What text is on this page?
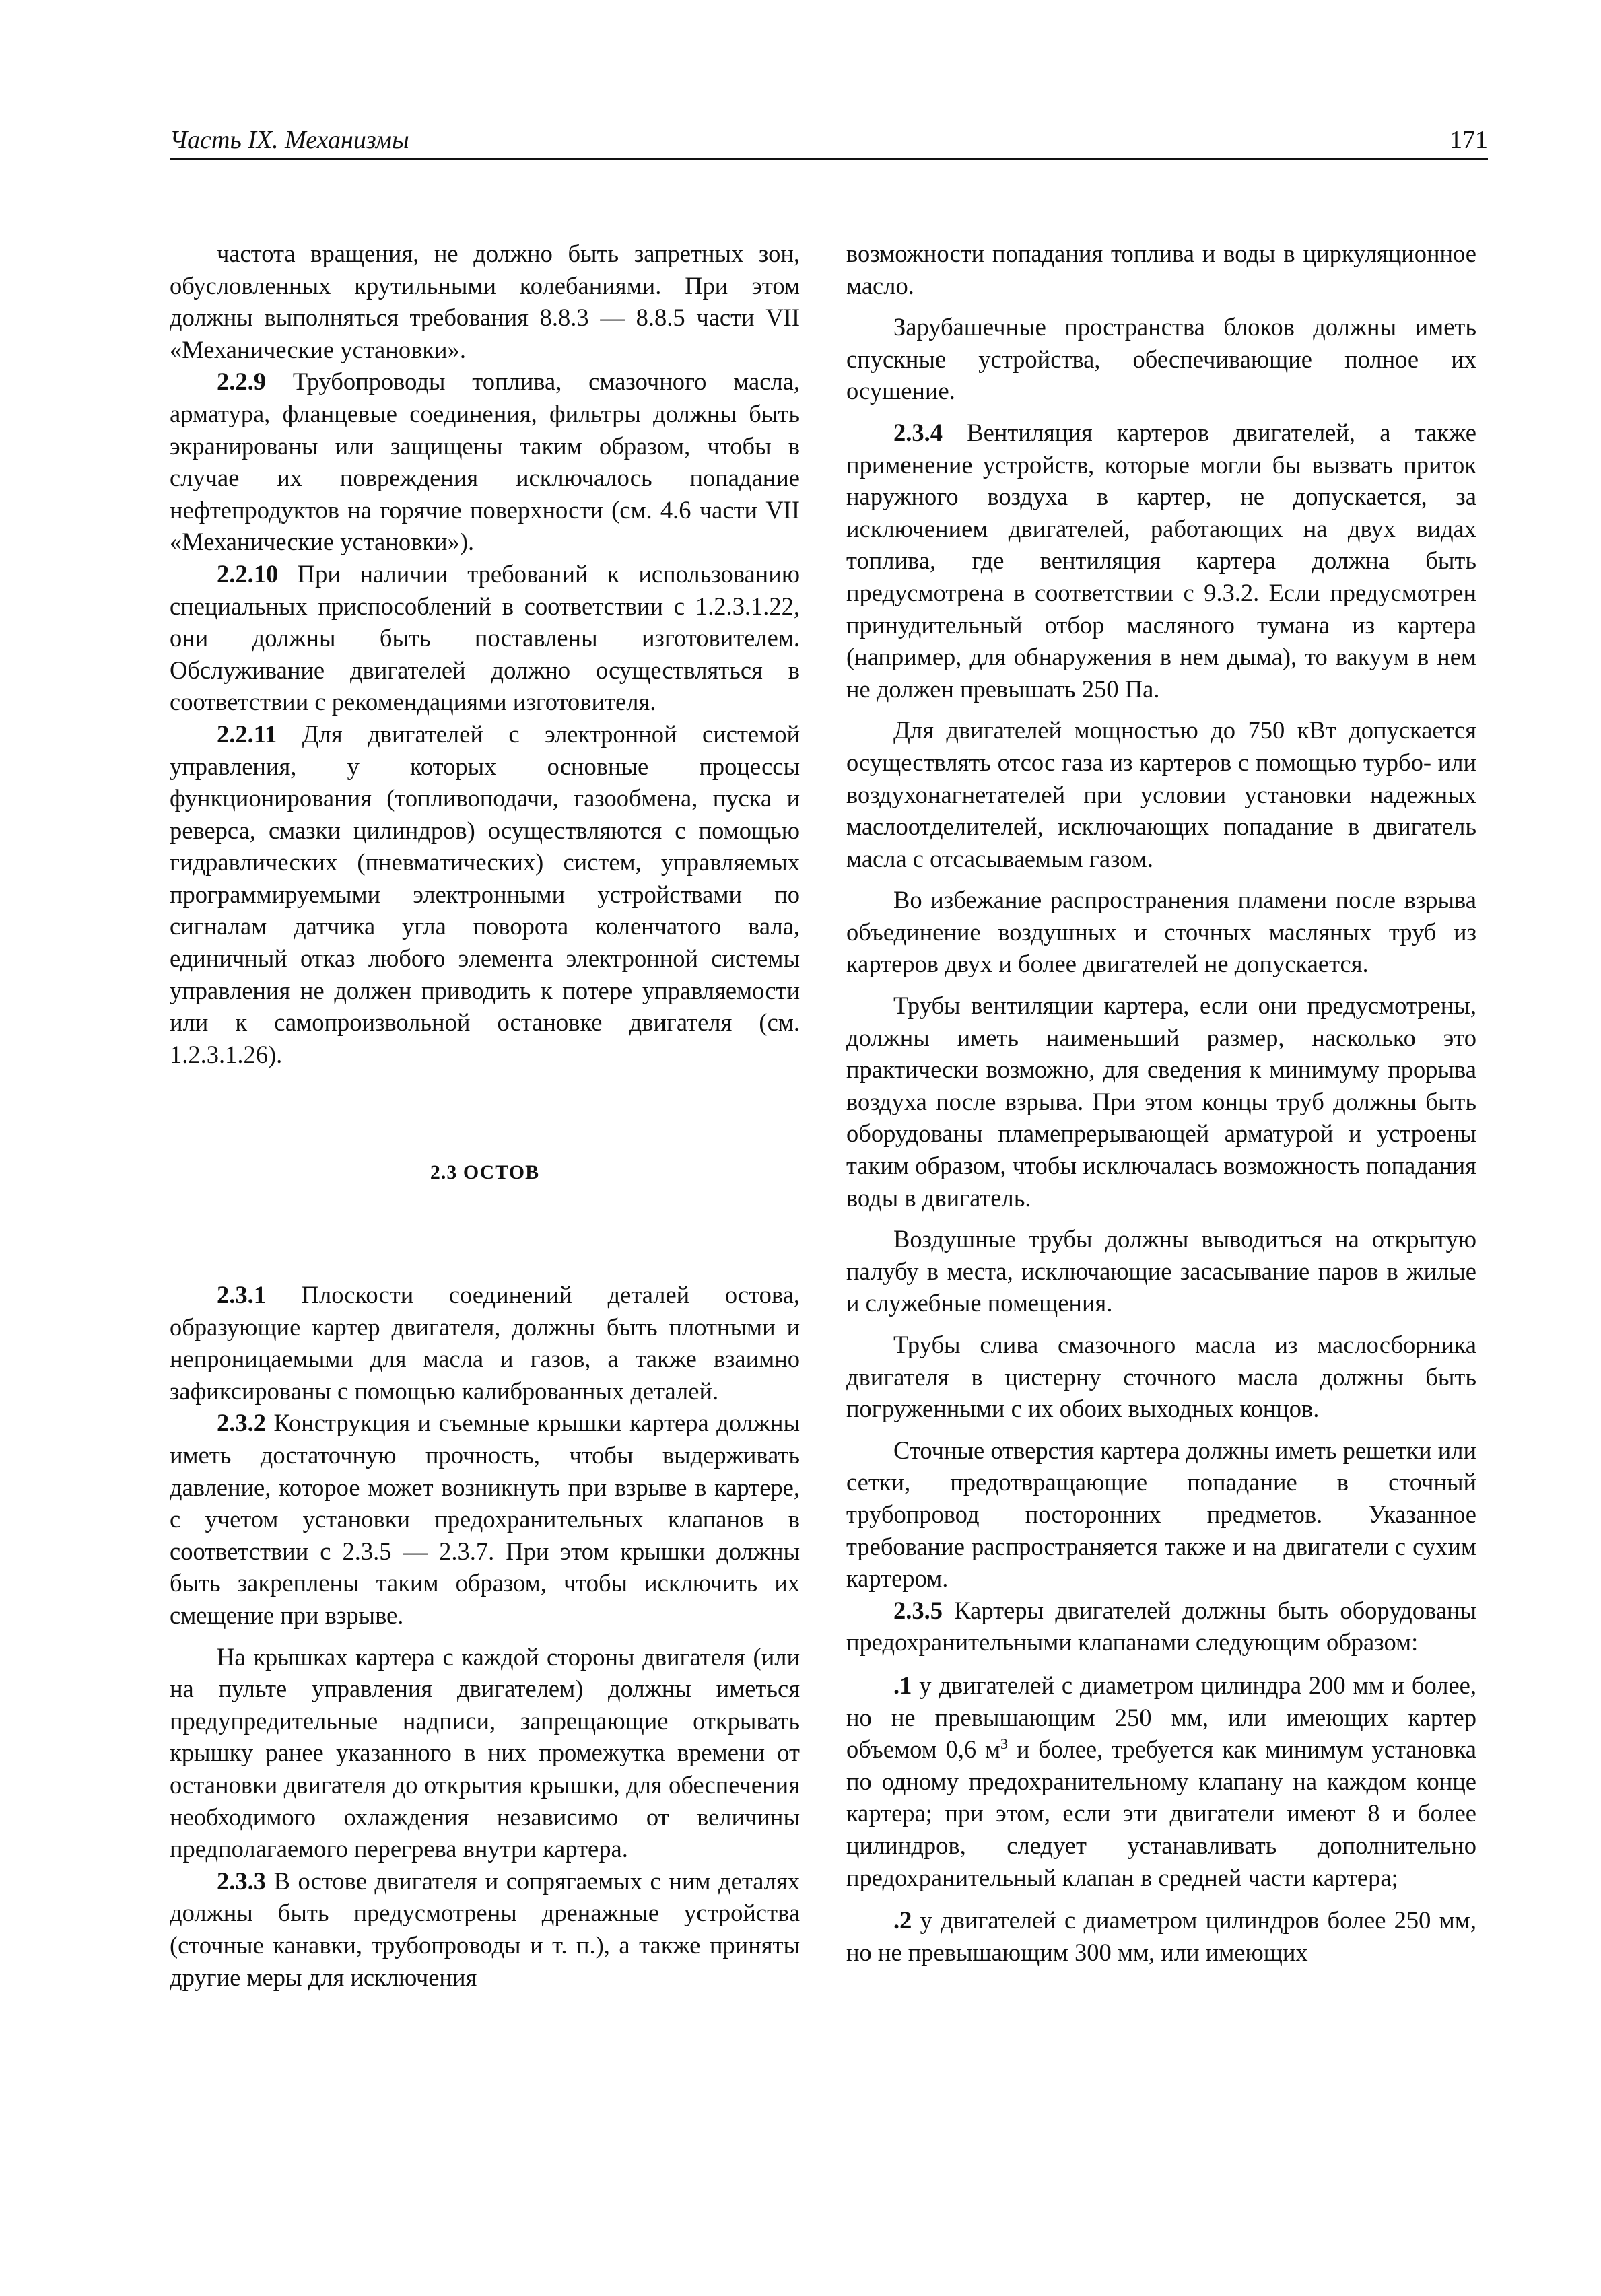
Часть IX. Механизмы	171

частота вращения, не должно быть запретных зон, обусловленных крутильными колебаниями. При этом должны выполняться требования 8.8.3 — 8.8.5 части VII «Механические установки».

2.2.9 Трубопроводы топлива, смазочного масла, арматура, фланцевые соединения, фильтры должны быть экранированы или защищены таким образом, чтобы в случае их повреждения исключалось попадание нефтепродуктов на горячие поверхности (см. 4.6 части VII «Механические установки»).

2.2.10 При наличии требований к использованию специальных приспособлений в соответствии с 1.2.3.1.22, они должны быть поставлены изготовителем. Обслуживание двигателей должно осуществляться в соответствии с рекомендациями изготовителя.

2.2.11 Для двигателей с электронной системой управления, у которых основные процессы функционирования (топливоподачи, газообмена, пуска и реверса, смазки цилиндров) осуществляются с помощью гидравлических (пневматических) систем, управляемых программируемыми электронными устройствами по сигналам датчика угла поворота коленчатого вала, единичный отказ любого элемента электронной системы управления не должен приводить к потере управляемости или к самопроизвольной остановке двигателя (см. 1.2.3.1.26).

2.3 ОСТОВ

2.3.1 Плоскости соединений деталей остова, образующие картер двигателя, должны быть плотными и непроницаемыми для масла и газов, а также взаимно зафиксированы с помощью калиброванных деталей.

2.3.2 Конструкция и съемные крышки картера должны иметь достаточную прочность, чтобы выдерживать давление, которое может возникнуть при взрыве в картере, с учетом установки предохранительных клапанов в соответствии с 2.3.5 — 2.3.7. При этом крышки должны быть закреплены таким образом, чтобы исключить их смещение при взрыве.

На крышках картера с каждой стороны двигателя (или на пульте управления двигателем) должны иметься предупредительные надписи, запрещающие открывать крышку ранее указанного в них промежутка времени от остановки двигателя до открытия крышки, для обеспечения необходимого охлаждения независимо от величины предполагаемого перегрева внутри картера.

2.3.3 В остове двигателя и сопрягаемых с ним деталях должны быть предусмотрены дренажные устройства (сточные канавки, трубопроводы и т. п.), а также приняты другие меры для исключения

возможности попадания топлива и воды в циркуляционное масло.

Зарубашечные пространства блоков должны иметь спускные устройства, обеспечивающие полное их осушение.

2.3.4 Вентиляция картеров двигателей, а также применение устройств, которые могли бы вызвать приток наружного воздуха в картер, не допускается, за исключением двигателей, работающих на двух видах топлива, где вентиляция картера должна быть предусмотрена в соответствии с 9.3.2. Если предусмотрен принудительный отбор масляного тумана из картера (например, для обнаружения в нем дыма), то вакуум в нем не должен превышать 250 Па.

Для двигателей мощностью до 750 кВт допускается осуществлять отсос газа из картеров с помощью турбо- или воздухонагнетателей при условии установки надежных маслоотделителей, исключающих попадание в двигатель масла с отсасываемым газом.

Во избежание распространения пламени после взрыва объединение воздушных и сточных масляных труб из картеров двух и более двигателей не допускается.

Трубы вентиляции картера, если они предусмотрены, должны иметь наименьший размер, насколько это практически возможно, для сведения к минимуму прорыва воздуха после взрыва. При этом концы труб должны быть оборудованы пламепрерывающей арматурой и устроены таким образом, чтобы исключалась возможность попадания воды в двигатель.

Воздушные трубы должны выводиться на открытую палубу в места, исключающие засасывание паров в жилые и служебные помещения.

Трубы слива смазочного масла из маслосборника двигателя в цистерну сточного масла должны быть погруженными с их обоих выходных концов.

Сточные отверстия картера должны иметь решетки или сетки, предотвращающие попадание в сточный трубопровод посторонних предметов. Указанное требование распространяется также и на двигатели с сухим картером.

2.3.5 Картеры двигателей должны быть оборудованы предохранительными клапанами следующим образом:

.1 у двигателей с диаметром цилиндра 200 мм и более, но не превышающим 250 мм, или имеющих картер объемом 0,6 $м^3$ и более, требуется как минимум установка по одному предохранительному клапану на каждом конце картера; при этом, если эти двигатели имеют 8 и более цилиндров, следует устанавливать дополнительно предохранительный клапан в средней части картера;

.2 у двигателей с диаметром цилиндров более 250 мм, но не превышающим 300 мм, или имеющих
